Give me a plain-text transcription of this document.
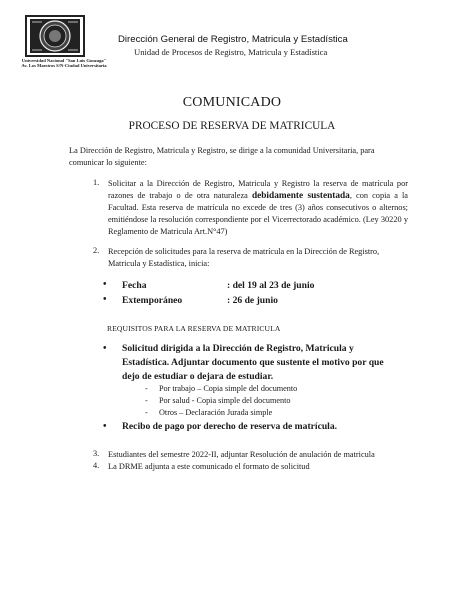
Universidad Nacional "San Luis Gonzaga"
Av. Los Maestros S/N-Ciudad Universitaria
Dirección General de Registro, Matricula y Estadística
Unidad de Procesos de Registro, Matricula y Estadística
COMUNICADO
PROCESO DE RESERVA DE MATRICULA
La Dirección de Registro, Matricula y Registro, se dirige a la comunidad Universitaria, para comunicar lo siguiente:
1. Solicitar a la Dirección de Registro, Matricula y Registro la reserva de matrícula por razones de trabajo o de otra naturaleza debidamente sustentada, con copia a la Facultad. Esta reserva de matrícula no excede de tres (3) años consecutivos o alternos; emitiéndose la resolución correspondiente por el Vicerrectorado académico. (Ley 30220 y Reglamento de Matricula Art.N°47)
2. Recepción de solicitudes para la reserva de matrícula en la Dirección de Registro, Matricula y Estadística, inicia:
• Fecha	: del 19 al 23 de junio
• Extemporáneo	: 26 de junio
REQUISITOS PARA LA RESERVA DE MATRICULA
• Solicitud dirigida a la Dirección de Registro, Matricula y Estadística. Adjuntar documento que sustente el motivo por que dejo de estudiar o dejara de estudiar.
- Por trabajo – Copia simple del documento
- Por salud - Copia simple del documento
- Otros – Declaración Jurada simple
• Recibo de pago por derecho de reserva de matrícula.
3. Estudiantes del semestre 2022-II, adjuntar Resolución de anulación de matricula
4. La DRME adjunta a este comunicado el formato de solicitud
